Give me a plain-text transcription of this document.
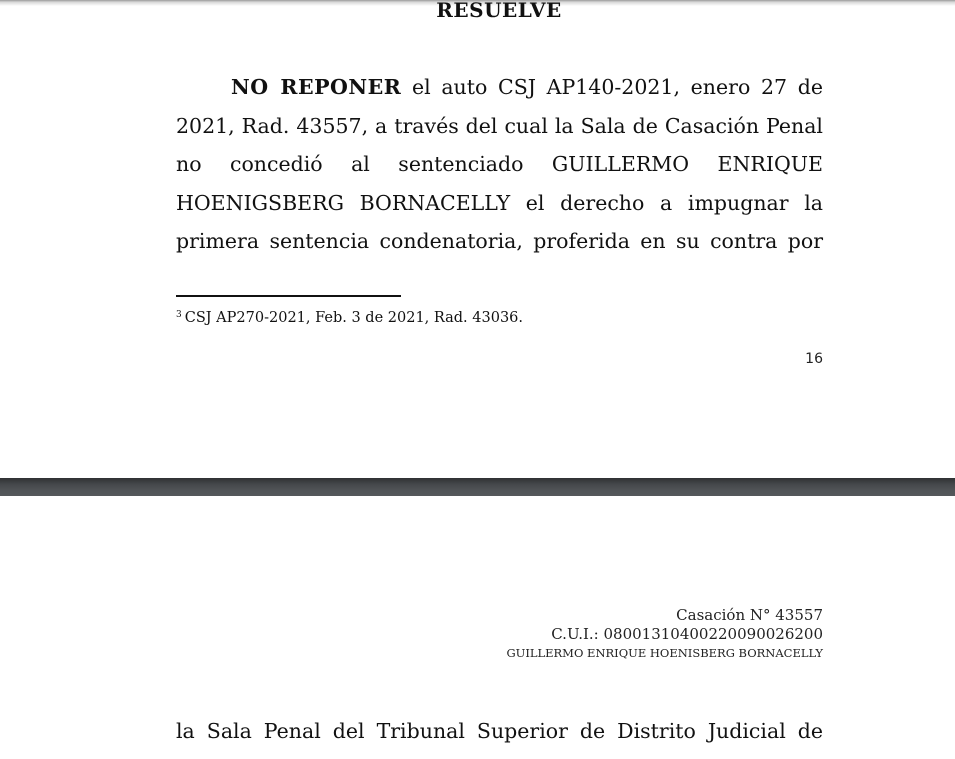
RESUELVE
NO REPONER el auto CSJ AP140-2021, enero 27 de
2021, Rad. 43557, a través del cual la Sala de Casación Penal
no concedió al sentenciado GUILLERMO ENRIQUE
HOENIGSBERG BORNACELLY el derecho a impugnar la
primera sentencia condenatoria, proferida en su contra por
$^3$ CSJ AP270-2021, Feb. 3 de 2021, Rad. 43036.
16
Casación N° 43557
C.U.I.: 08001310400220090026200
GUILLERMO ENRIQUE HOENISBERG BORNACELLY
la Sala Penal del Tribunal Superior de Distrito Judicial de
